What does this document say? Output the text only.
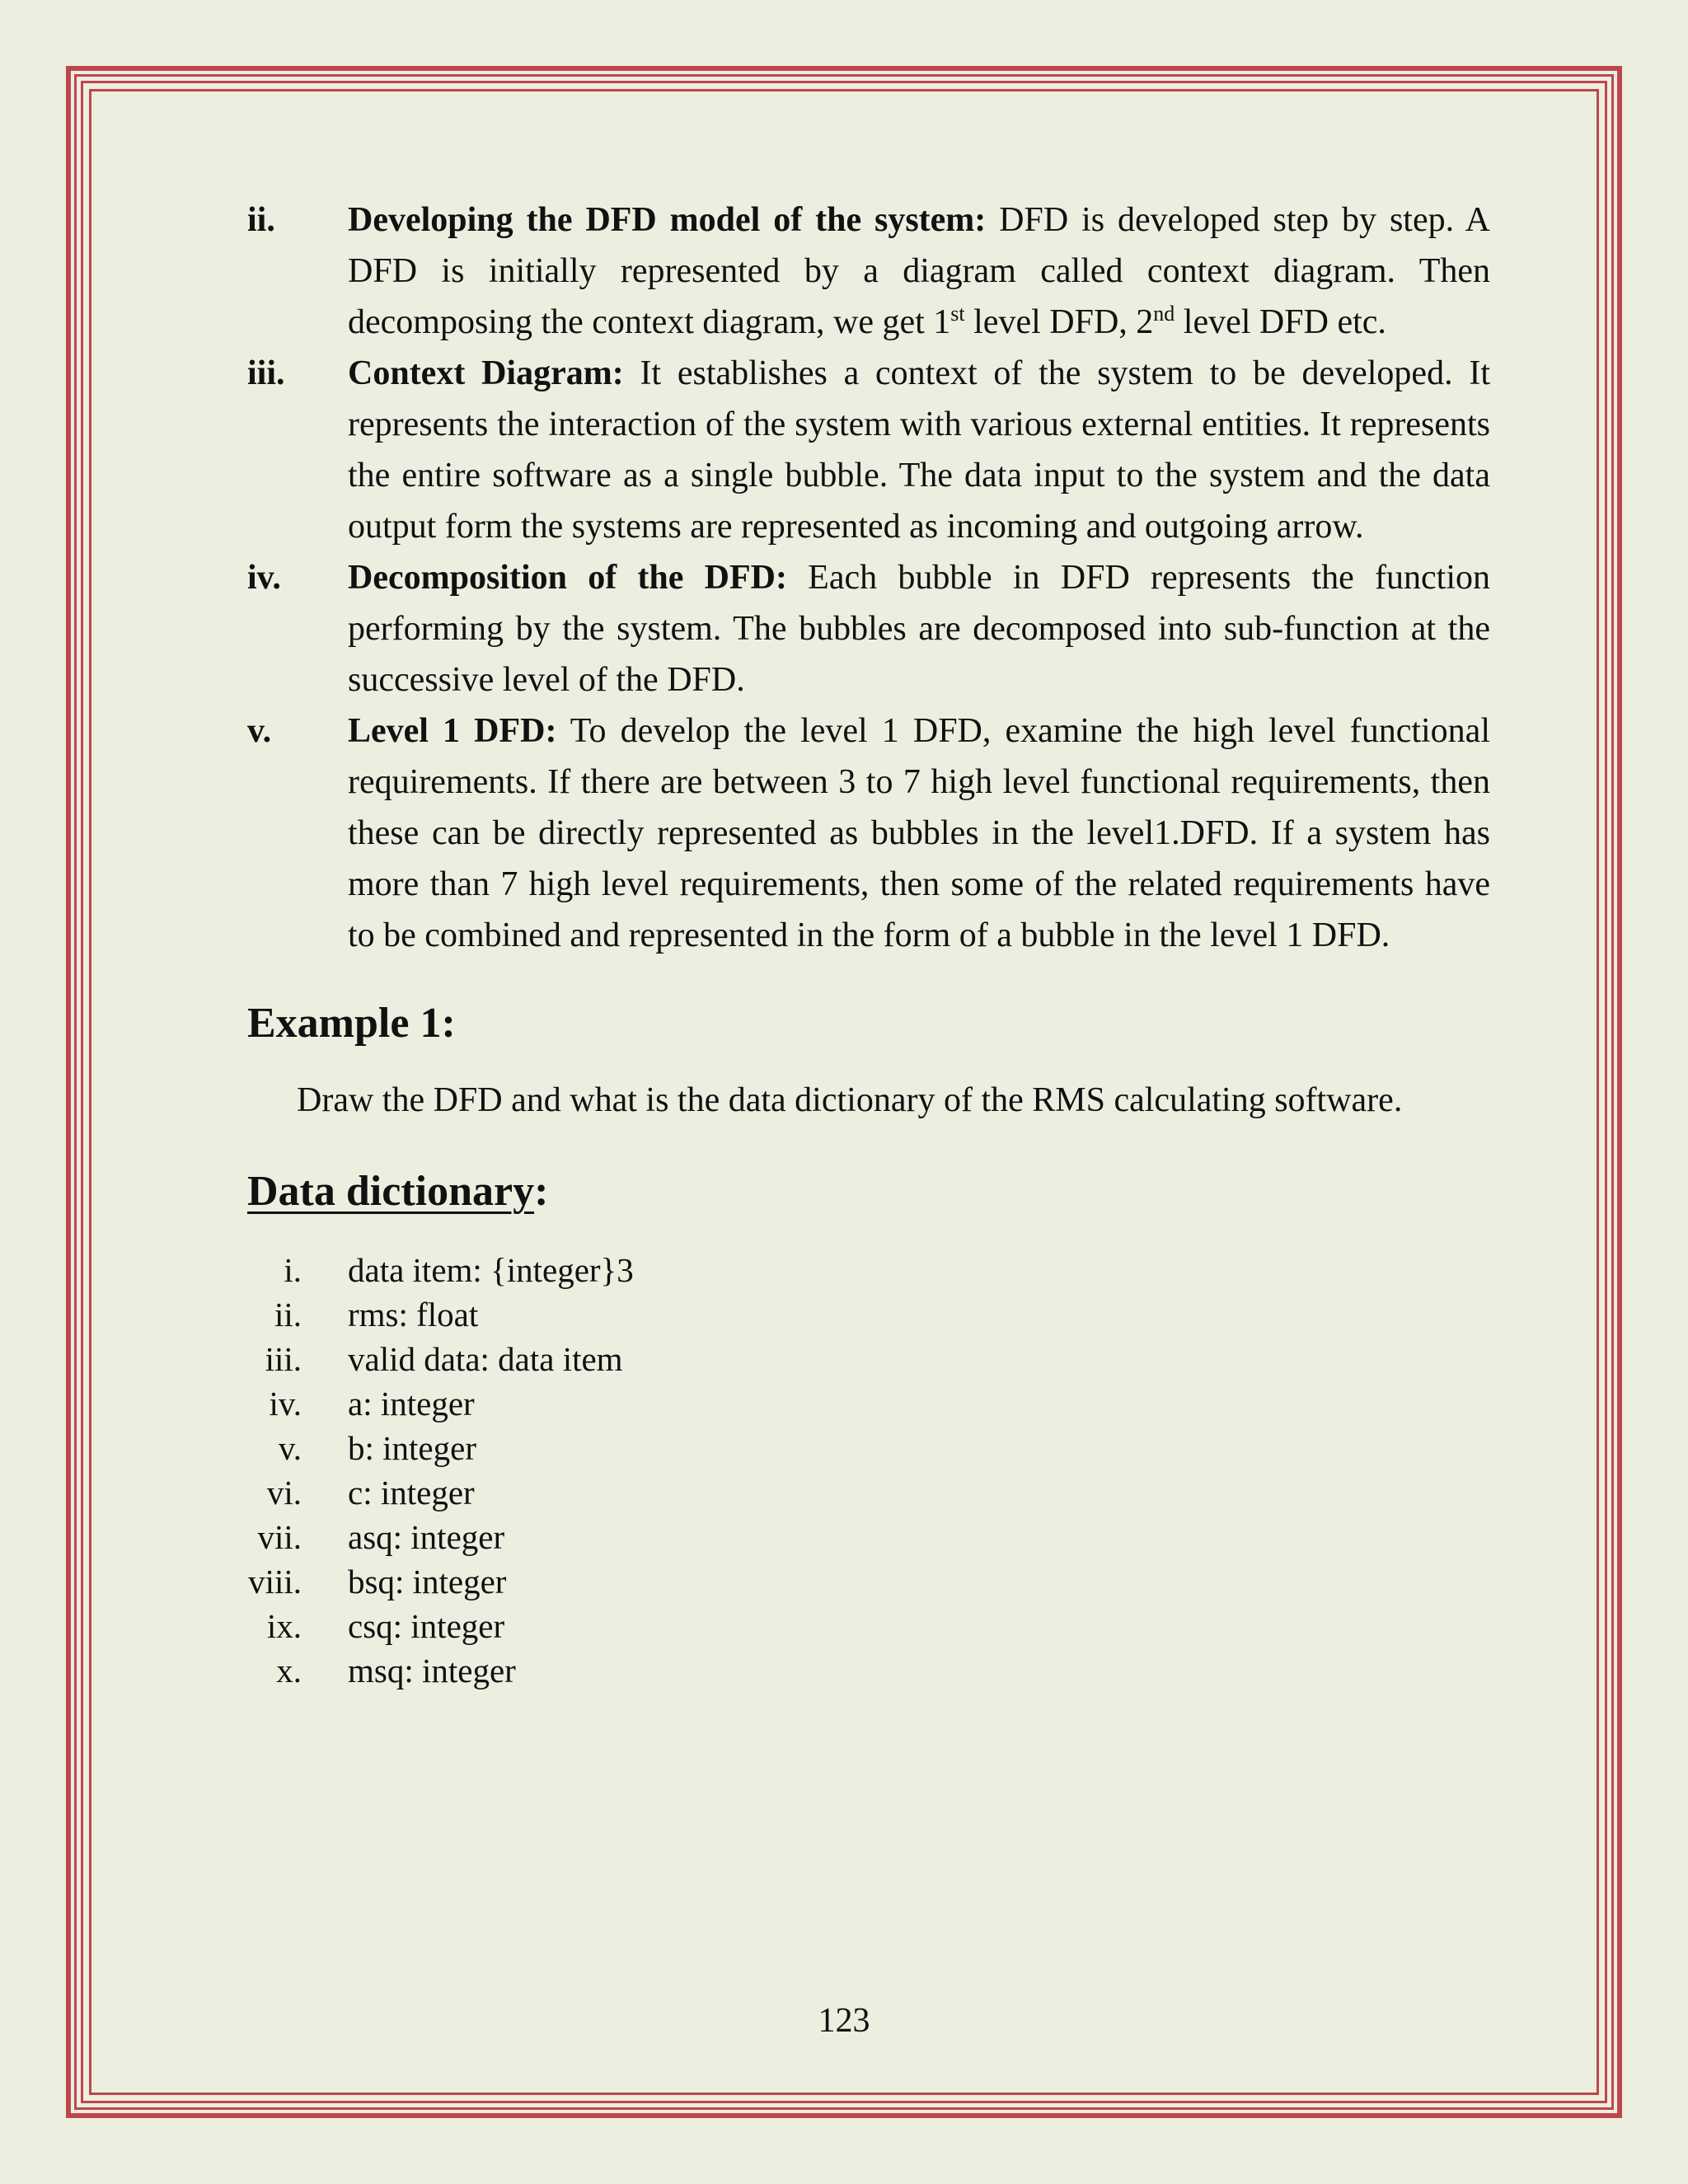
ii. Developing the DFD model of the system: DFD is developed step by step. A DFD is initially represented by a diagram called context diagram. Then decomposing the context diagram, we get 1st level DFD, 2nd level DFD etc.
iii. Context Diagram: It establishes a context of the system to be developed. It represents the interaction of the system with various external entities. It represents the entire software as a single bubble. The data input to the system and the data output form the systems are represented as incoming and outgoing arrow.
iv. Decomposition of the DFD: Each bubble in DFD represents the function performing by the system. The bubbles are decomposed into sub-function at the successive level of the DFD.
v. Level 1 DFD: To develop the level 1 DFD, examine the high level functional requirements. If there are between 3 to 7 high level functional requirements, then these can be directly represented as bubbles in the level1.DFD. If a system has more than 7 high level requirements, then some of the related requirements have to be combined and represented in the form of a bubble in the level 1 DFD.
Example 1:
Draw the DFD and what is the data dictionary of the RMS calculating software.
Data dictionary:
i. data item: {integer}3
ii. rms: float
iii. valid data: data item
iv. a: integer
v. b: integer
vi. c: integer
vii. asq: integer
viii. bsq: integer
ix. csq: integer
x. msq: integer
123
